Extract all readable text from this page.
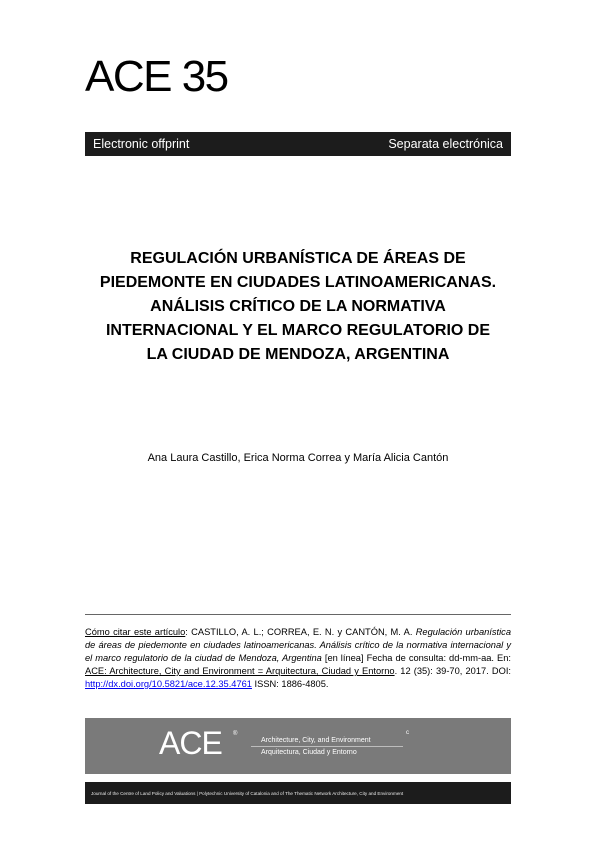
ACE 35
Electronic offprint	Separata electrónica
REGULACIÓN URBANÍSTICA DE ÁREAS DE
PIEDEMONTE EN CIUDADES LATINOAMERICANAS.
ANÁLISIS CRÍTICO DE LA NORMATIVA
INTERNACIONAL Y EL MARCO REGULATORIO DE
LA CIUDAD DE MENDOZA, ARGENTINA
Ana Laura Castillo, Erica Norma Correa y María Alicia Cantón
Cómo citar este artículo: CASTILLO, A. L.; CORREA, E. N. y CANTÓN, M. A. Regulación urbanística de áreas de piedemonte en ciudades latinoamericanas. Análisis crítico de la normativa internacional y el marco regulatorio de la ciudad de Mendoza, Argentina [en línea] Fecha de consulta: dd-mm-aa. En: ACE: Architecture, City and Environment = Arquitectura, Ciudad y Entorno. 12 (35): 39-70, 2017. DOI: http://dx.doi.org/10.5821/ace.12.35.4761 ISSN: 1886-4805.
ACE ®
Architecture, City, and Environment
Arquitectura, Ciudad y Entorno
c
Journal of the Centre of Land Policy and Valuations | Polytechnic University of Catalonia and of The Thematic Network Architecture, City and Environment
